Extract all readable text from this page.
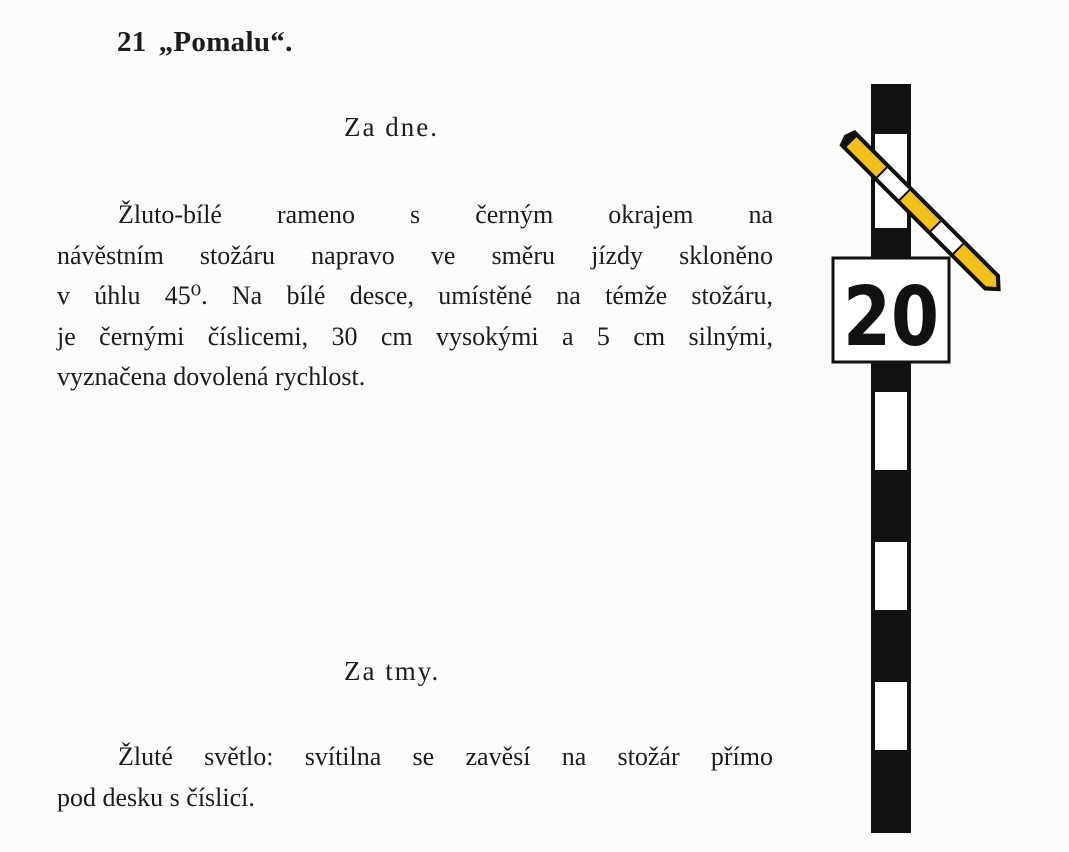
21 „Pomalu“.
Za dne.
Žluto-bílé rameno s černým okrajem na
návěstním stožáru napravo ve směru jízdy skloněno
v úhlu 45⁰. Na bílé desce, umístěné na témže stožáru,
je černými číslicemi, 30 cm vysokými a 5 cm silnými,
vyznačena dovolená rychlost.
Za tmy.
Žluté světlo: svítilna se zavěsí na stožár přímo
pod desku s číslicí.
20
